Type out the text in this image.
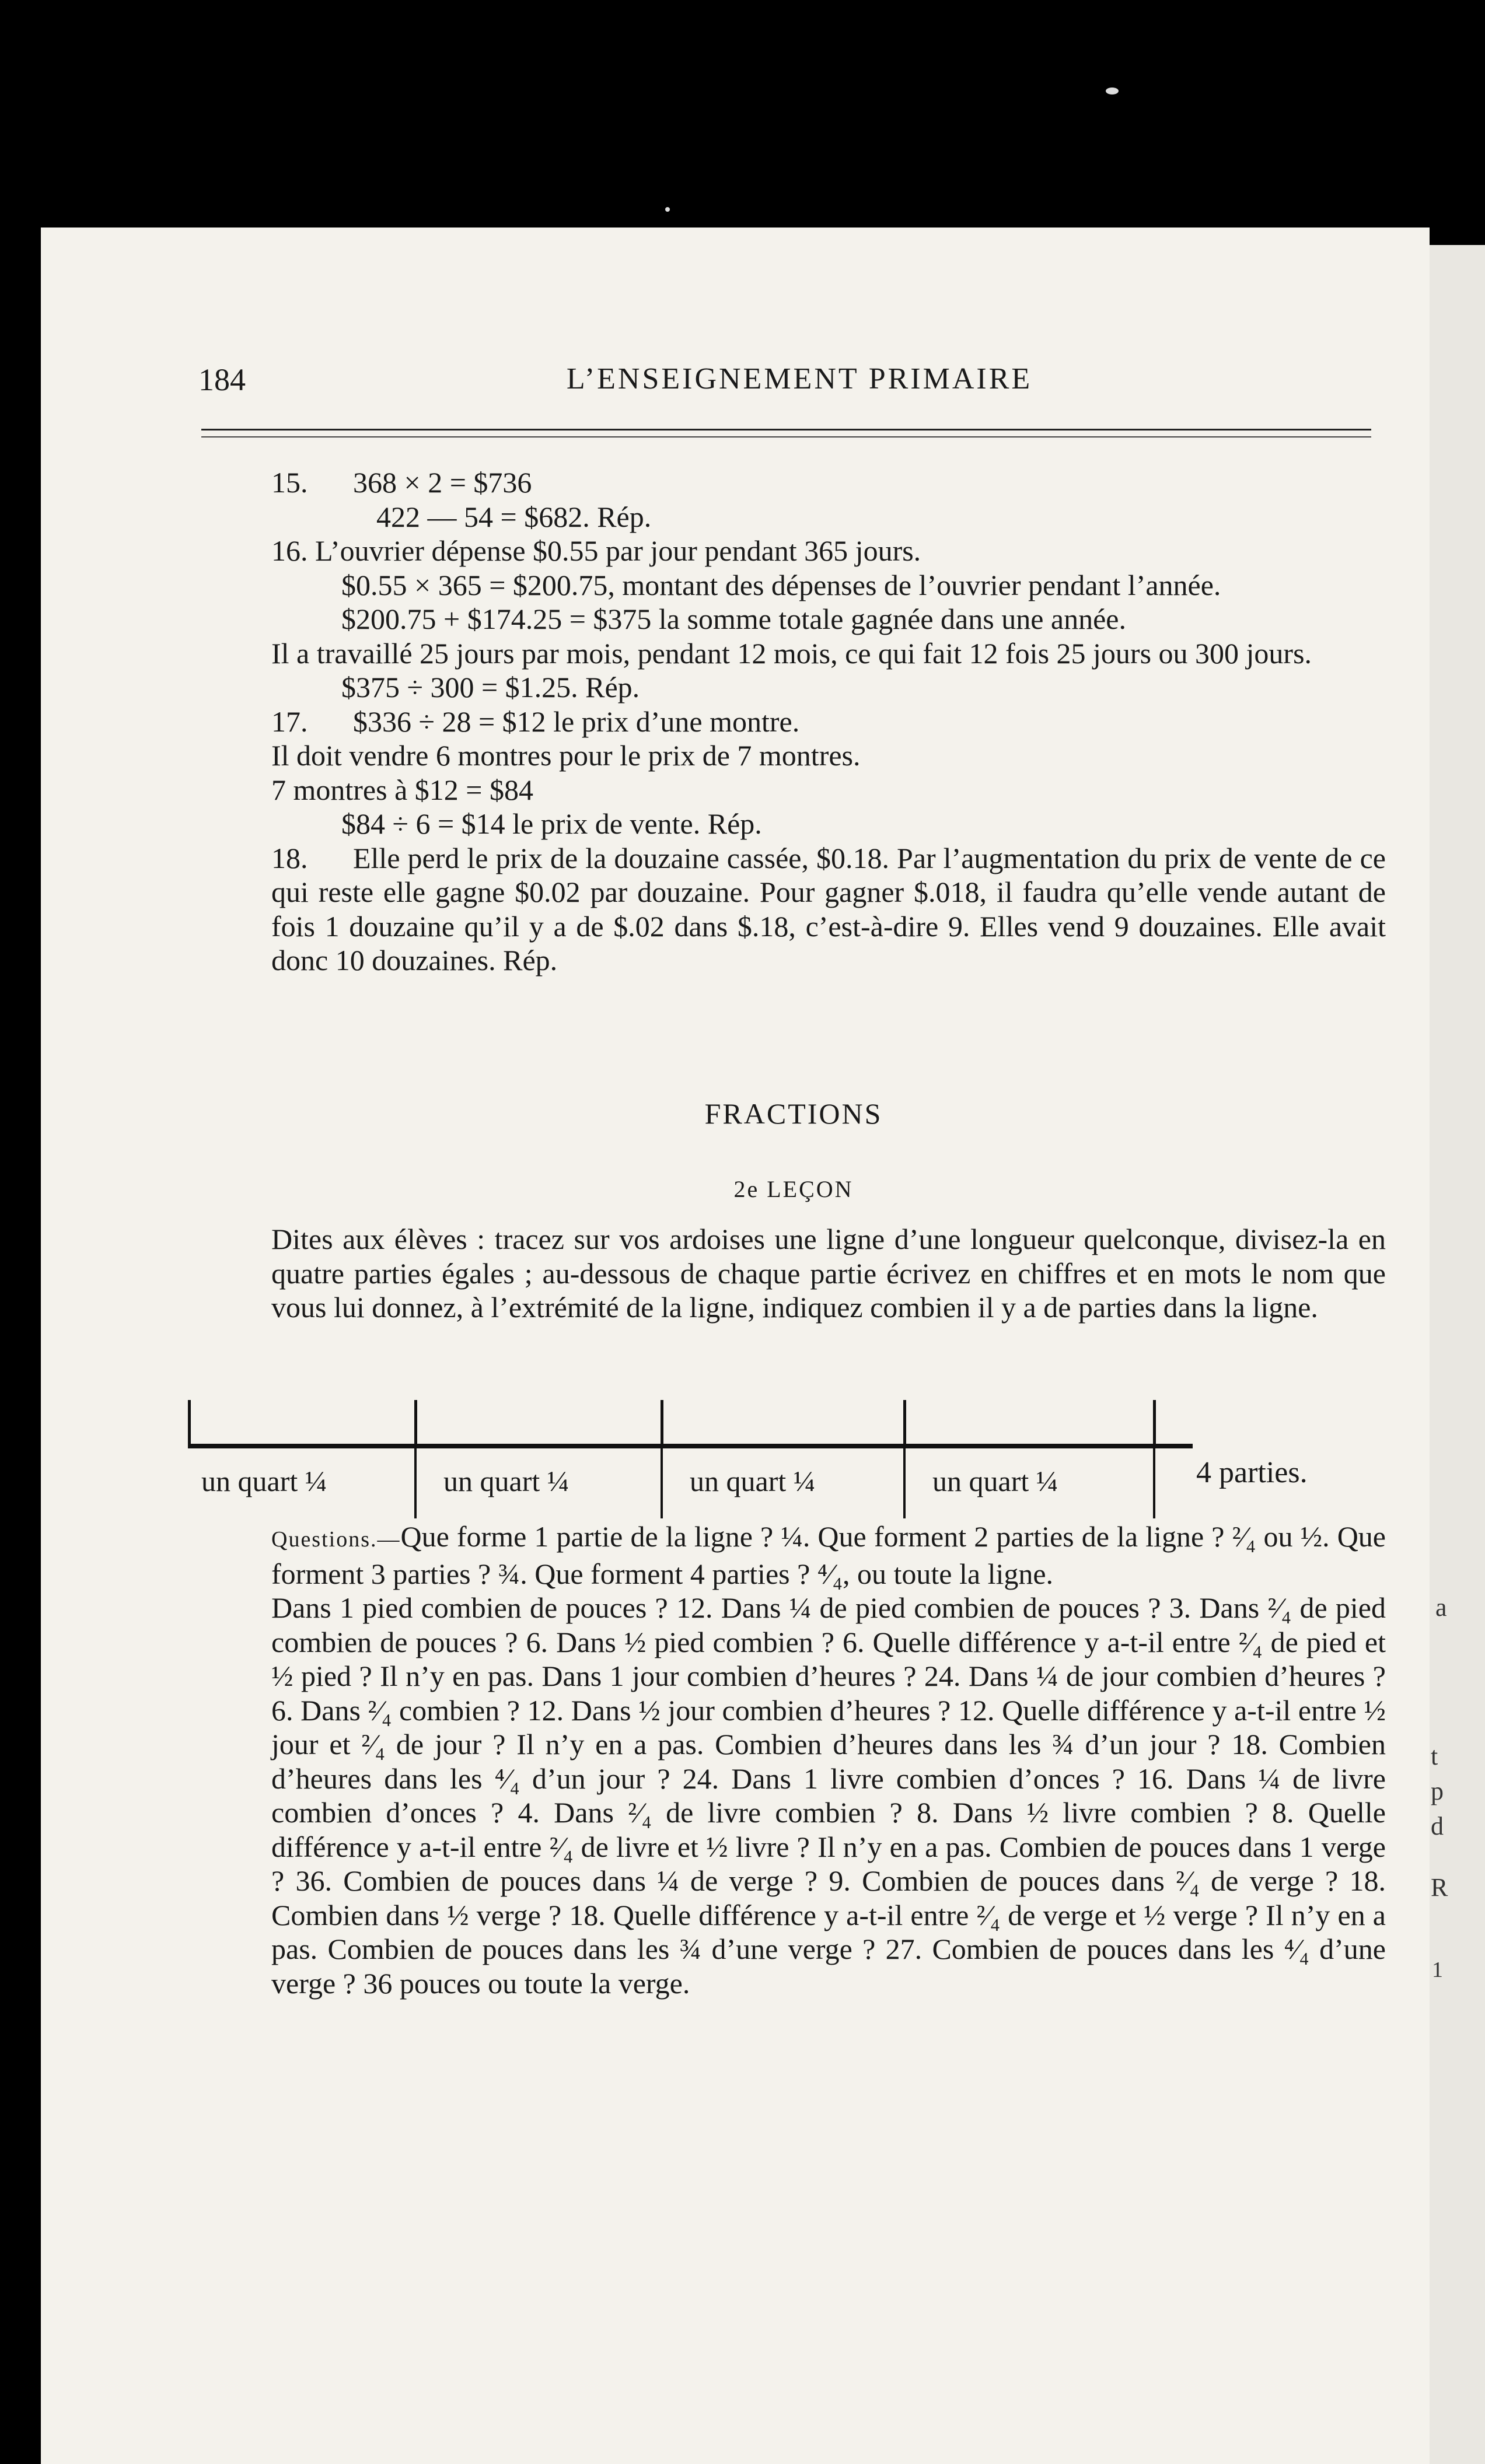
a
t
p
d
R
1
184	L’ENSEIGNEMENT PRIMAIRE

15. 368 × 2 = $736

422 — 54 = $682. Rép.

16. L’ouvrier dépense $0.55 par jour pendant 365 jours.

$0.55 × 365 = $200.75, montant des dépenses de l’ouvrier pendant l’année.

$200.75 + $174.25 = $375 la somme totale gagnée dans une année.

Il a travaillé 25 jours par mois, pendant 12 mois, ce qui fait 12 fois 25 jours ou 300 jours.

$375 ÷ 300 = $1.25. Rép.

17. $336 ÷ 28 = $12 le prix d’une montre.

Il doit vendre 6 montres pour le prix de 7 montres.

7 montres à $12 = $84

$84 ÷ 6 = $14 le prix de vente. Rép.

18. Elle perd le prix de la douzaine cassée, $0.18. Par l’augmentation du prix de vente de ce qui reste elle gagne $0.02 par douzaine. Pour gagner $.018, il faudra qu’elle vende autant de fois 1 douzaine qu’il y a de $.02 dans $.18, c’est-à-dire 9. Elles vend 9 douzaines. Elle avait donc 10 douzaines. Rép.

FRACTIONS
2e LEÇON

Dites aux élèves : tracez sur vos ardoises une ligne d’une longueur quelconque, divisez-la en quatre parties égales ; au-dessous de chaque partie écrivez en chiffres et en mots le nom que vous lui donnez, à l’extrémité de la ligne, indiquez combien il y a de parties dans la ligne.

un quart ¼	un quart ¼	un quart ¼	un quart ¼	4 parties.

Questions.—Que forme 1 partie de la ligne ? ¼. Que forment 2 parties de la ligne ? ²⁄₄ ou ½. Que forment 3 parties ? ¾. Que forment 4 parties ? ⁴⁄₄, ou toute la ligne.

Dans 1 pied combien de pouces ? 12. Dans ¼ de pied combien de pouces ? 3. Dans ²⁄₄ de pied combien de pouces ? 6. Dans ½ pied combien ? 6. Quelle différence y a-t-il entre ²⁄₄ de pied et ½ pied ? Il n’y en pas. Dans 1 jour combien d’heures ? 24. Dans ¼ de jour combien d’heures ? 6. Dans ²⁄₄ combien ? 12. Dans ½ jour combien d’heures ? 12. Quelle différence y a-t-il entre ½ jour et ²⁄₄ de jour ? Il n’y en a pas. Combien d’heures dans les ¾ d’un jour ? 18. Combien d’heures dans les ⁴⁄₄ d’un jour ? 24. Dans 1 livre combien d’onces ? 16. Dans ¼ de livre combien d’onces ? 4. Dans ²⁄₄ de livre combien ? 8. Dans ½ livre combien ? 8. Quelle différence y a-t-il entre ²⁄₄ de livre et ½ livre ? Il n’y en a pas. Combien de pouces dans 1 verge ? 36. Combien de pouces dans ¼ de verge ? 9. Combien de pouces dans ²⁄₄ de verge ? 18. Combien dans ½ verge ? 18. Quelle différence y a-t-il entre ²⁄₄ de verge et ½ verge ? Il n’y en a pas. Combien de pouces dans les ¾ d’une verge ? 27. Combien de pouces dans les ⁴⁄₄ d’une verge ? 36 pouces ou toute la verge.
